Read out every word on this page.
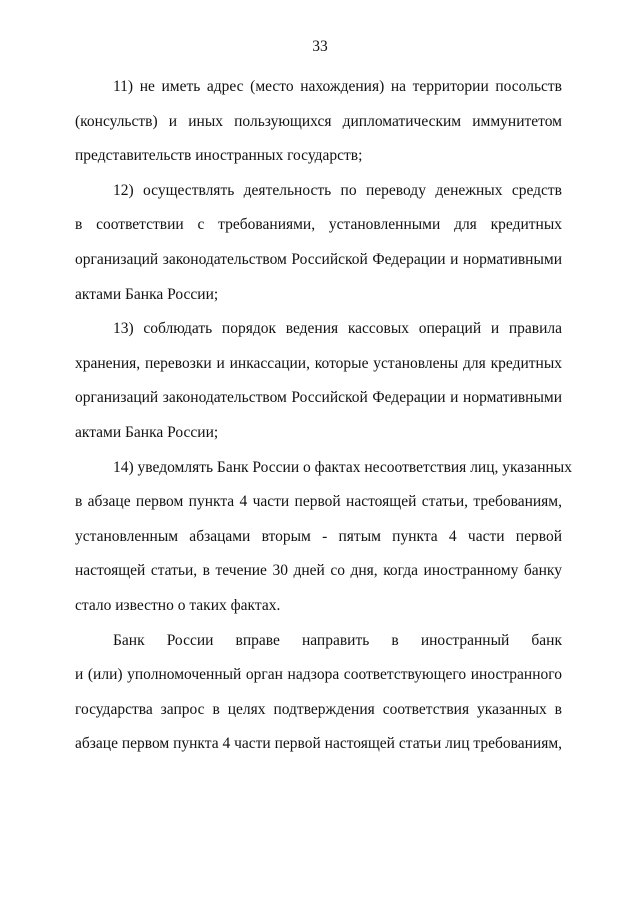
33
11) не иметь адрес (место нахождения) на территории посольств
(консульств) и иных пользующихся дипломатическим иммунитетом
представительств иностранных государств;
12) осуществлять деятельность по переводу денежных средств
в соответствии с требованиями, установленными для кредитных
организаций законодательством Российской Федерации и нормативными
актами Банка России;
13) соблюдать порядок ведения кассовых операций и правила
хранения, перевозки и инкассации, которые установлены для кредитных
организаций законодательством Российской Федерации и нормативными
актами Банка России;
14) уведомлять Банк России о фактах несоответствия лиц, указанных
в абзаце первом пункта 4 части первой настоящей статьи, требованиям,
установленным абзацами вторым - пятым пункта 4 части первой
настоящей статьи, в течение 30 дней со дня, когда иностранному банку
стало известно о таких фактах.
Банк России вправе направить в иностранный банк
и (или) уполномоченный орган надзора соответствующего иностранного
государства запрос в целях подтверждения соответствия указанных в
абзаце первом пункта 4 части первой настоящей статьи лиц требованиям,
